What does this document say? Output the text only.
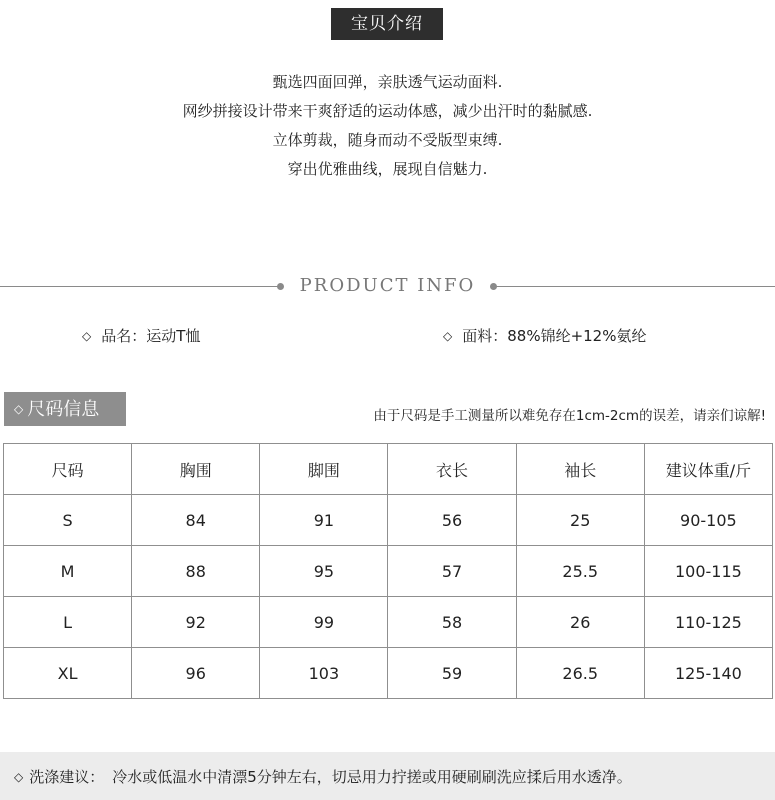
宝贝介绍
甄选四面回弹，亲肤透气运动面料.
网纱拼接设计带来干爽舒适的运动体感，减少出汗时的黏腻感.
立体剪裁，随身而动不受版型束缚.
穿出优雅曲线，展现自信魅力.
PRODUCT INFO
◇ 品名：运动T恤	◇ 面料：88%锦纶+12%氨纶
◇ 尺码信息	由于尺码是手工测量所以难免存在1cm-2cm的误差，请亲们谅解!
尺码	胸围	脚围	衣长	袖长	建议体重/斤
S	84	91	56	25	90-105
M	88	95	57	25.5	100-115
L	92	99	58	26	110-125
XL	96	103	59	26.5	125-140
◇ 洗涤建议： 冷水或低温水中清漂5分钟左右，切忌用力拧搓或用硬刷刷洗应揉后用水透净。
